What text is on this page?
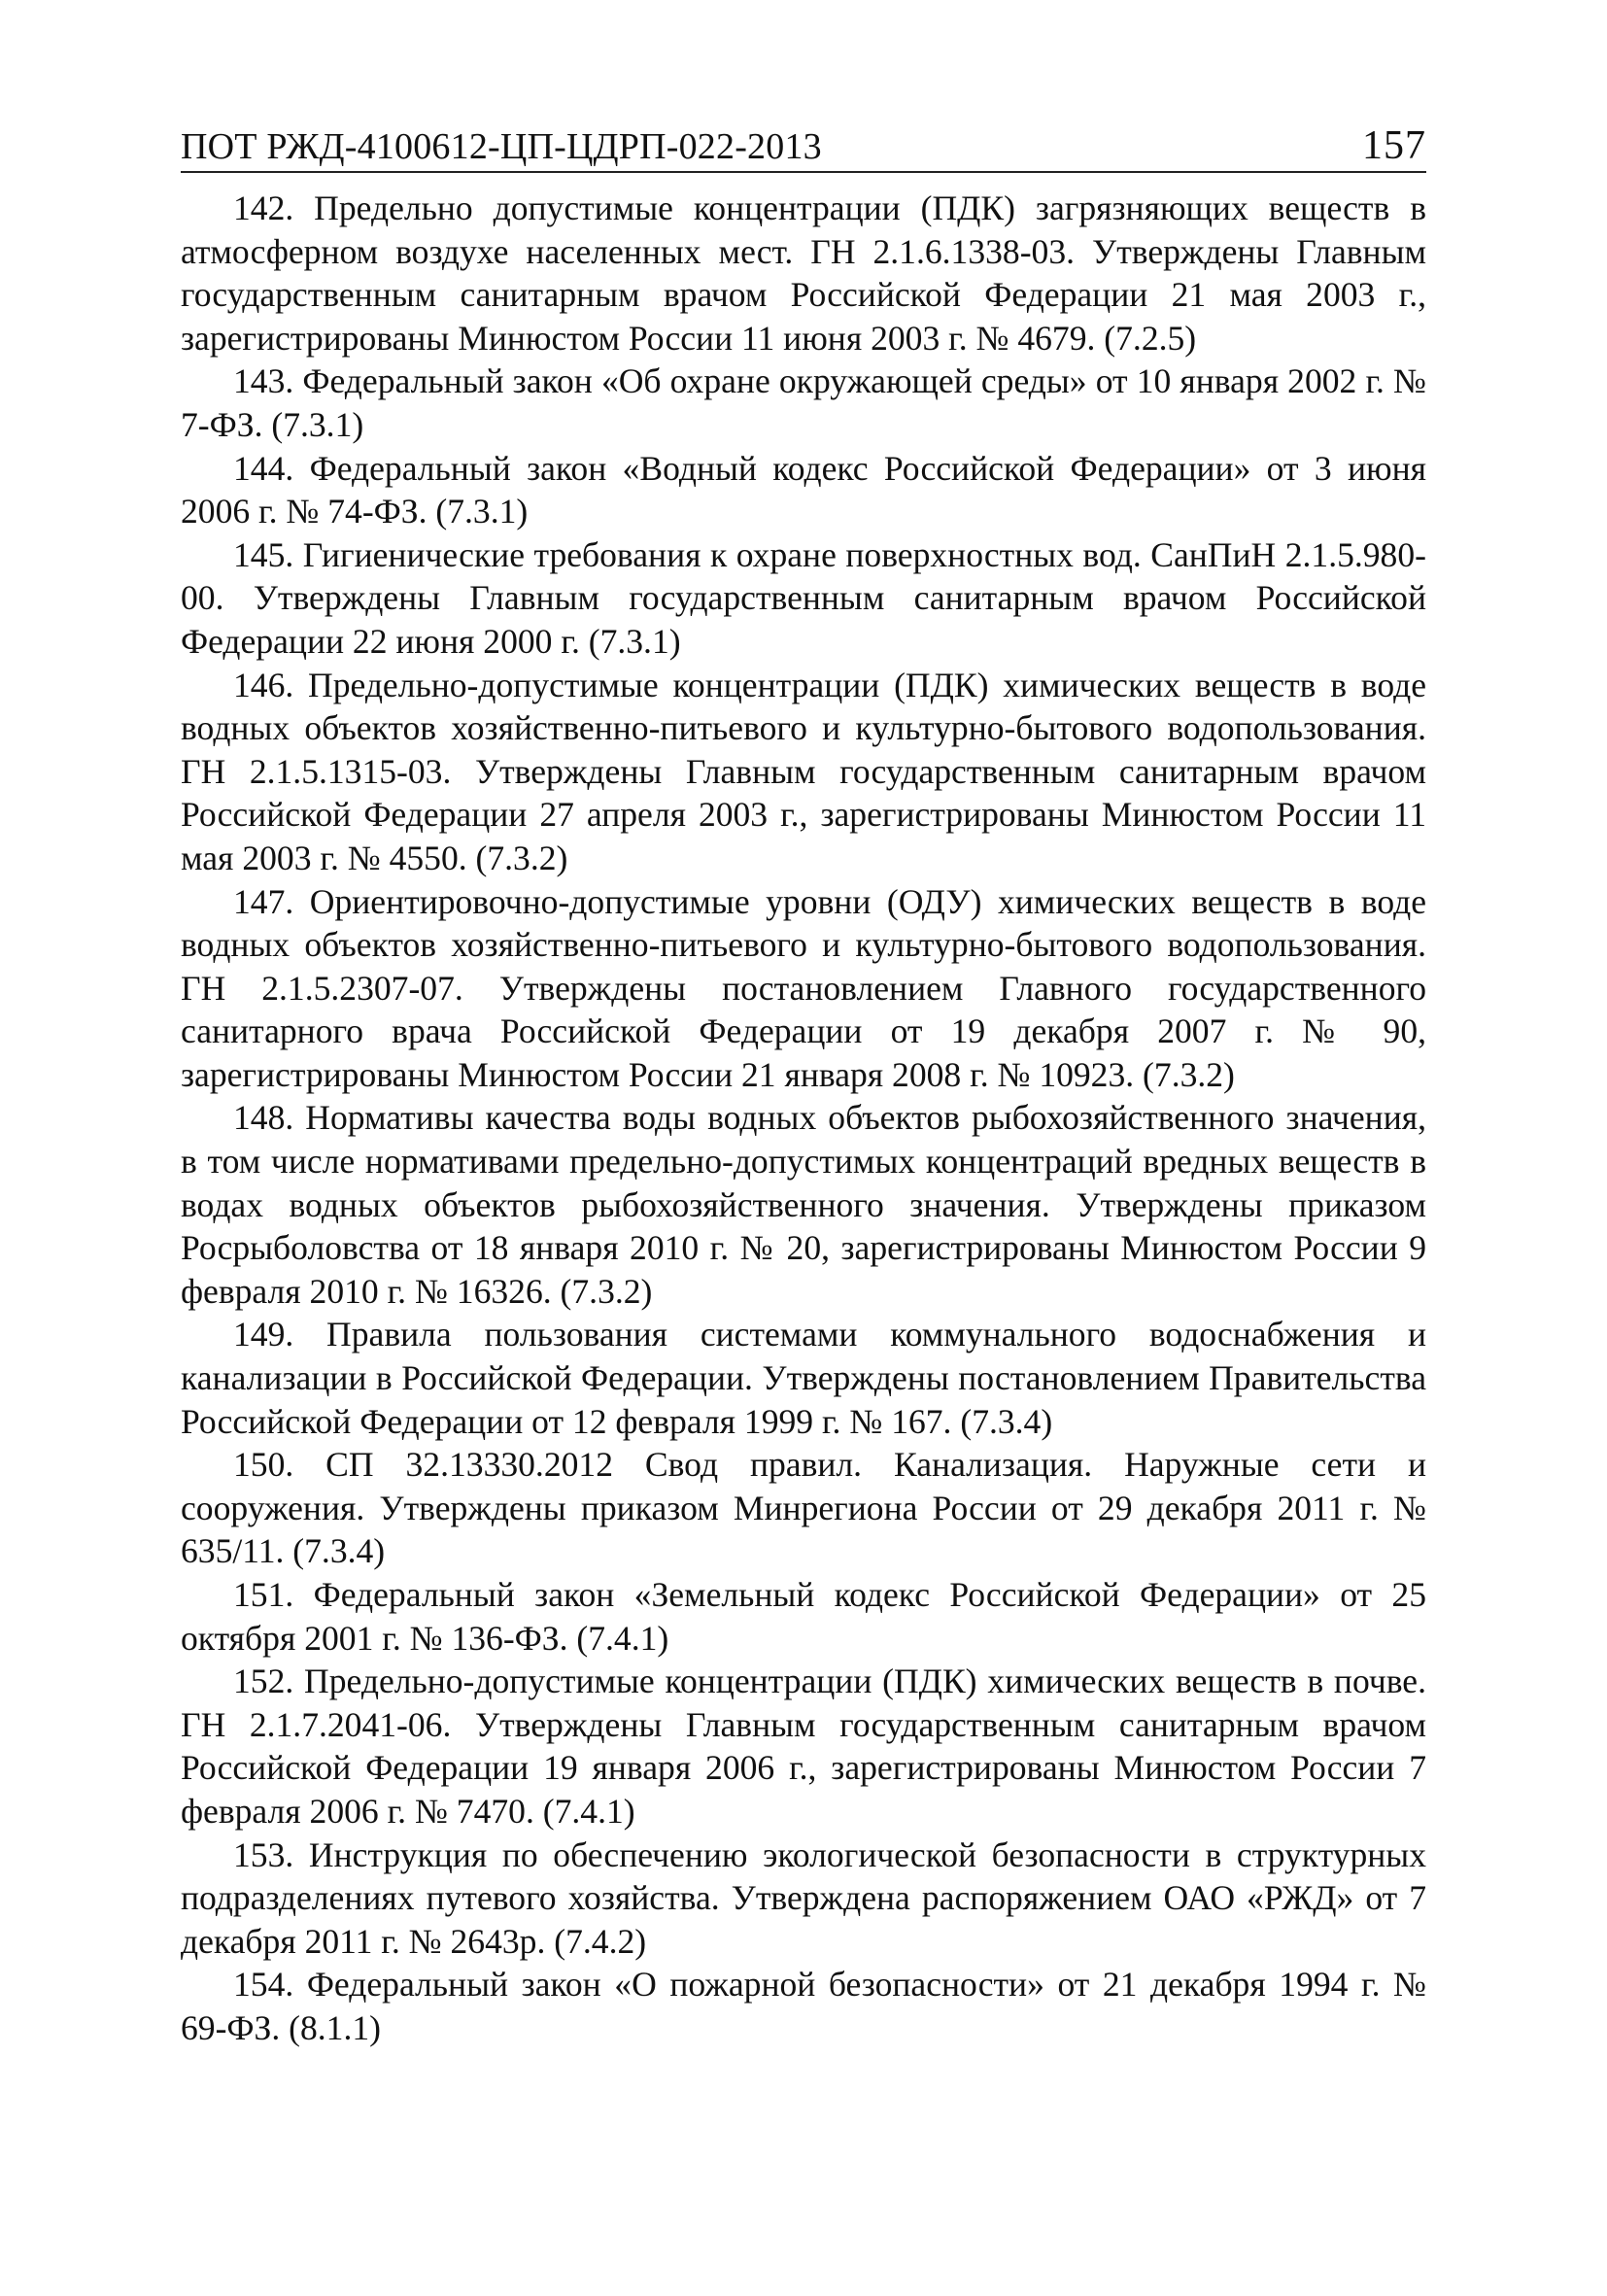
ПОТ РЖД-4100612-ЦП-ЦДРП-022-2013	157

142. Предельно допустимые концентрации (ПДК) загрязняющих веществ в атмосферном воздухе населенных мест. ГН 2.1.6.1338-03. Утверждены Главным государственным санитарным врачом Российской Федерации 21 мая 2003 г., зарегистрированы Минюстом России 11 июня 2003 г. № 4679. (7.2.5)

143. Федеральный закон «Об охране окружающей среды» от 10 января 2002 г. № 7-ФЗ. (7.3.1)

144. Федеральный закон «Водный кодекс Российской Федерации» от 3 июня 2006 г. № 74-ФЗ. (7.3.1)

145. Гигиенические требования к охране поверхностных вод. СанПиН 2.1.5.980-00. Утверждены Главным государственным санитарным врачом Российской Федерации 22 июня 2000 г. (7.3.1)

146. Предельно-допустимые концентрации (ПДК) химических веществ в воде водных объектов хозяйственно-питьевого и культурно-бытового водопользования. ГН 2.1.5.1315-03. Утверждены Главным государственным санитарным врачом Российской Федерации 27 апреля 2003 г., зарегистрированы Минюстом России 11 мая 2003 г. № 4550. (7.3.2)

147. Ориентировочно-допустимые уровни (ОДУ) химических веществ в воде водных объектов хозяйственно-питьевого и культурно-бытового водопользования. ГН 2.1.5.2307-07. Утверждены постановлением Главного государственного санитарного врача Российской Федерации от 19 декабря 2007 г. № 90, зарегистрированы Минюстом России 21 января 2008 г. № 10923. (7.3.2)

148. Нормативы качества воды водных объектов рыбохозяйственного значения, в том числе нормативами предельно-допустимых концентраций вредных веществ в водах водных объектов рыбохозяйственного значения. Утверждены приказом Росрыболовства от 18 января 2010 г. № 20, зарегистрированы Минюстом России 9 февраля 2010 г. № 16326. (7.3.2)

149. Правила пользования системами коммунального водоснабжения и канализации в Российской Федерации. Утверждены постановлением Правительства Российской Федерации от 12 февраля 1999 г. № 167. (7.3.4)

150. СП 32.13330.2012 Свод правил. Канализация. Наружные сети и сооружения. Утверждены приказом Минрегиона России от 29 декабря 2011 г. № 635/11. (7.3.4)

151. Федеральный закон «Земельный кодекс Российской Федерации» от 25 октября 2001 г. № 136-ФЗ. (7.4.1)

152. Предельно-допустимые концентрации (ПДК) химических веществ в почве. ГН 2.1.7.2041-06. Утверждены Главным государственным санитарным врачом Российской Федерации 19 января 2006 г., зарегистрированы Минюстом России 7 февраля 2006 г. № 7470. (7.4.1)

153. Инструкция по обеспечению экологической безопасности в структурных подразделениях путевого хозяйства. Утверждена распоряжением ОАО «РЖД» от 7 декабря 2011 г. № 2643р. (7.4.2)

154. Федеральный закон «О пожарной безопасности» от 21 декабря 1994 г. № 69-ФЗ. (8.1.1)
